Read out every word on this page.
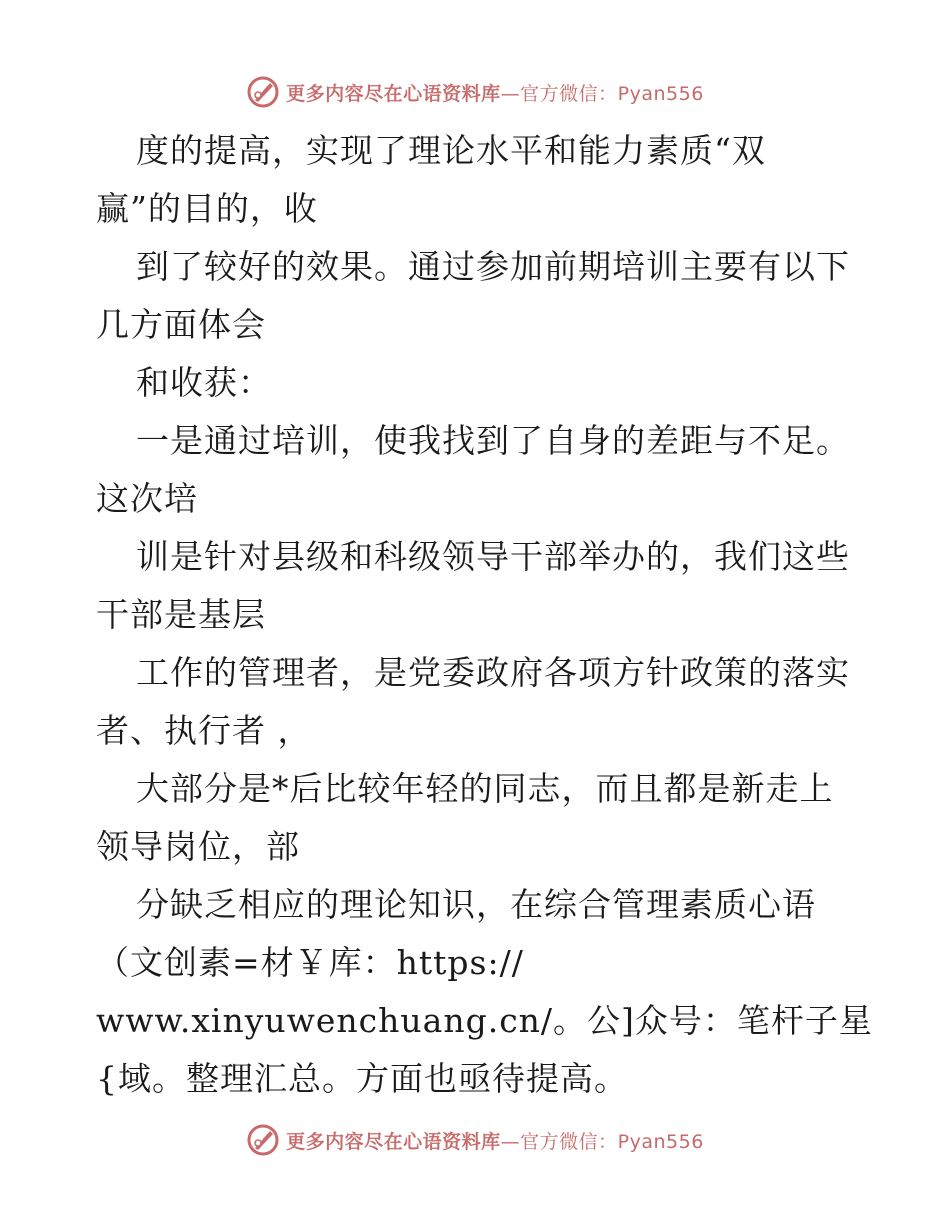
更多内容尽在心语资料库—官方微信：Pyan556
度的提高，实现了理论水平和能力素质“双
赢”的目的，收
到了较好的效果。通过参加前期培训主要有以下
几方面体会
和收获：
一是通过培训，使我找到了自身的差距与不足。
这次培
训是针对县级和科级领导干部举办的，我们这些
干部是基层
工作的管理者，是党委政府各项方针政策的落实
者、执行者 ，
大部分是*后比较年轻的同志，而且都是新走上
领导岗位，部
分缺乏相应的理论知识，在综合管理素质心语
（文创素=材￥库：https://
www.xinyuwenchuang.cn/。公]众号：笔杆子星
{域。整理汇总。方面也亟待提高。
更多内容尽在心语资料库—官方微信：Pyan556
